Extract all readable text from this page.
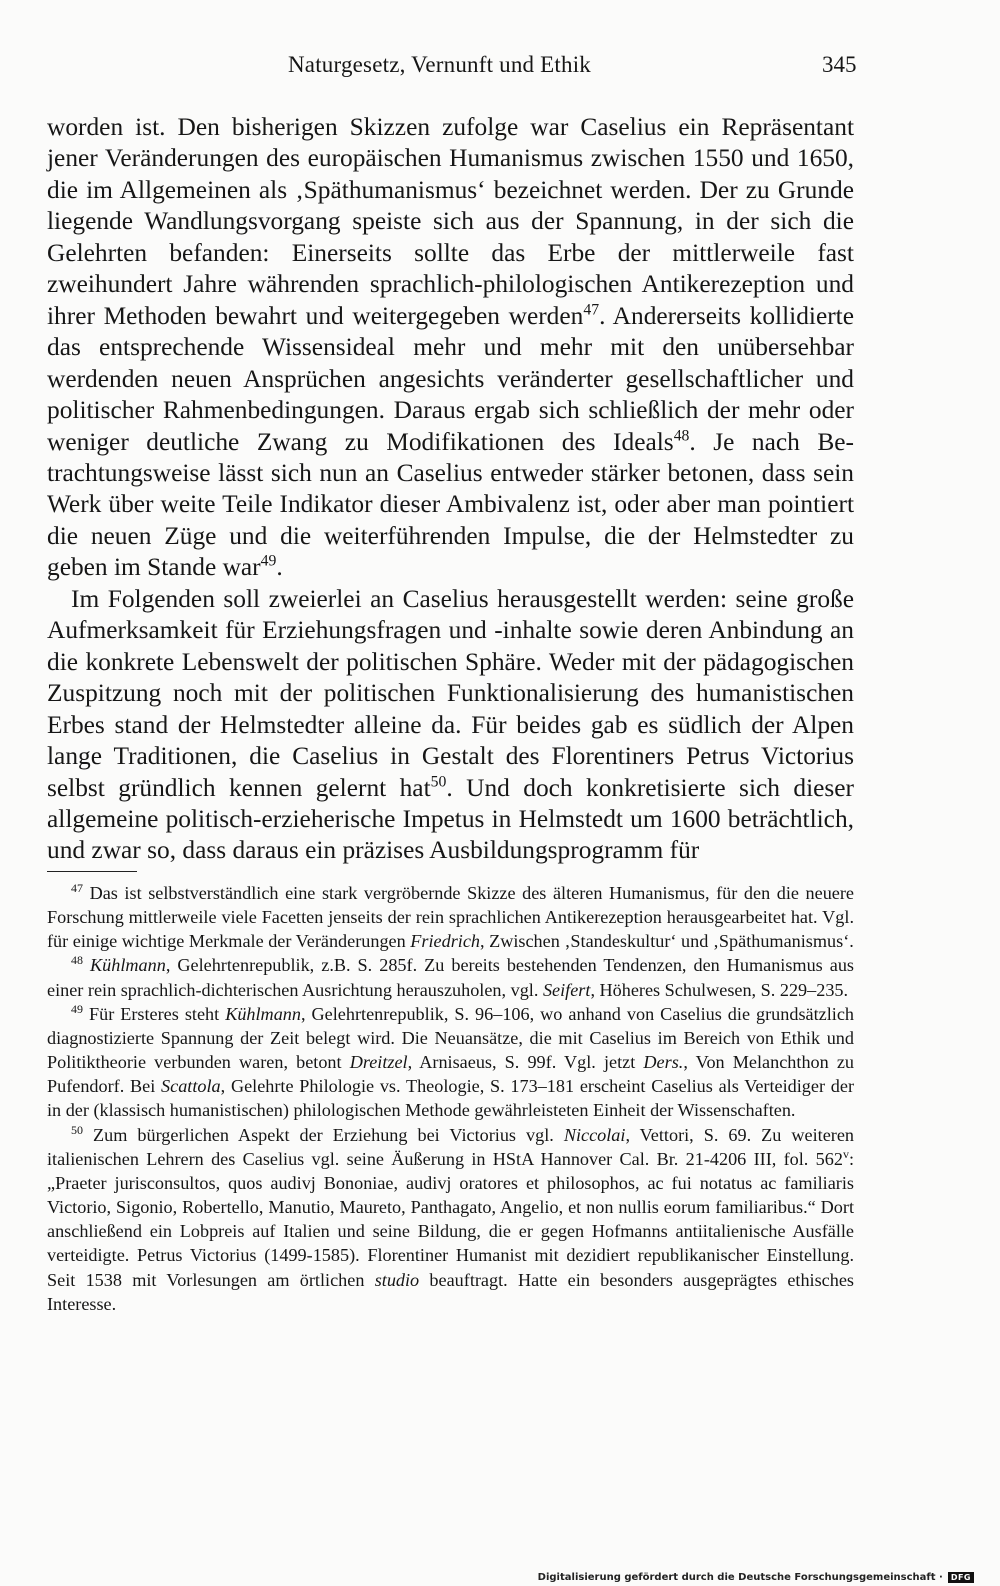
Naturgesetz, Vernunft und Ethik	345

worden ist. Den bisherigen Skizzen zufolge war Caselius ein Repräsentant jener Veränderungen des europäischen Humanismus zwischen 1550 und 1650, die im Allgemeinen als ‚Späthumanismus‘ bezeichnet werden. Der zu Grunde liegende Wandlungsvorgang speiste sich aus der Spannung, in der sich die Gelehrten befanden: Einerseits sollte das Erbe der mittlerweile fast zweihundert Jahre währenden sprachlich-philologischen Antikerezeption und ihrer Methoden bewahrt und weitergegeben werden$^{47}$. Andererseits kollidierte das entsprechende Wissensideal mehr und mehr mit den unübersehbar werdenden neuen Ansprüchen angesichts veränderter gesellschaftlicher und politischer Rahmenbedingungen. Daraus ergab sich schließlich der mehr oder weniger deutliche Zwang zu Modifikationen des Ideals$^{48}$. Je nach Betrachtungsweise lässt sich nun an Caselius entweder stärker betonen, dass sein Werk über weite Teile Indikator dieser Ambivalenz ist, oder aber man pointiert die neuen Züge und die weiterführenden Impulse, die der Helmstedter zu geben im Stande war$^{49}$.

Im Folgenden soll zweierlei an Caselius herausgestellt werden: seine große Aufmerksamkeit für Erziehungsfragen und -inhalte sowie deren Anbindung an die konkrete Lebenswelt der politischen Sphäre. Weder mit der pädagogischen Zuspitzung noch mit der politischen Funktionalisierung des humanistischen Erbes stand der Helmstedter alleine da. Für beides gab es südlich der Alpen lange Traditionen, die Caselius in Gestalt des Florentiners Petrus Victorius selbst gründlich kennen gelernt hat$^{50}$. Und doch konkretisierte sich dieser allgemeine politisch-erzieherische Impetus in Helmstedt um 1600 beträchtlich, und zwar so, dass daraus ein präzises Ausbildungsprogramm für

$^{47}$ Das ist selbstverständlich eine stark vergröbernde Skizze des älteren Humanismus, für den die neuere Forschung mittlerweile viele Facetten jenseits der rein sprachlichen Antikerezeption herausgearbeitet hat. Vgl. für einige wichtige Merkmale der Veränderungen Friedrich, Zwischen ‚Standeskultur‘ und ‚Späthumanismus‘.

$^{48}$ Kühlmann, Gelehrtenrepublik, z.B. S. 285f. Zu bereits bestehenden Tendenzen, den Humanismus aus einer rein sprachlich-dichterischen Ausrichtung herauszuholen, vgl. Seifert, Höheres Schulwesen, S. 229–235.

$^{49}$ Für Ersteres steht Kühlmann, Gelehrtenrepublik, S. 96–106, wo anhand von Caselius die grundsätzlich diagnostizierte Spannung der Zeit belegt wird. Die Neuansätze, die mit Caselius im Bereich von Ethik und Politiktheorie verbunden waren, betont Dreitzel, Arnisaeus, S. 99f. Vgl. jetzt Ders., Von Melanchthon zu Pufendorf. Bei Scattola, Gelehrte Philologie vs. Theologie, S. 173–181 erscheint Caselius als Verteidiger der in der (klassisch humanistischen) philologischen Methode gewährleisteten Einheit der Wissenschaften.

$^{50}$ Zum bürgerlichen Aspekt der Erziehung bei Victorius vgl. Niccolai, Vettori, S. 69. Zu weiteren italienischen Lehrern des Caselius vgl. seine Äußerung in HStA Hannover Cal. Br. 21-4206 III, fol. 562$^v$: „Praeter jurisconsultos, quos audivj Bononiae, audivj oratores et philosophos, ac fui notatus ac familiaris Victorio, Sigonio, Robertello, Manutio, Maureto, Panthagato, Angelio, et non nullis eorum familiaribus.“ Dort anschließend ein Lobpreis auf Italien und seine Bildung, die er gegen Hofmanns antiitalienische Ausfälle verteidigte. Petrus Victorius (1499-1585). Florentiner Humanist mit dezidiert republikanischer Einstellung. Seit 1538 mit Vorlesungen am örtlichen studio beauftragt. Hatte ein besonders ausgeprägtes ethisches Interesse.

Digitalisierung gefördert durch die Deutsche Forschungsgemeinschaft ·	DFG
